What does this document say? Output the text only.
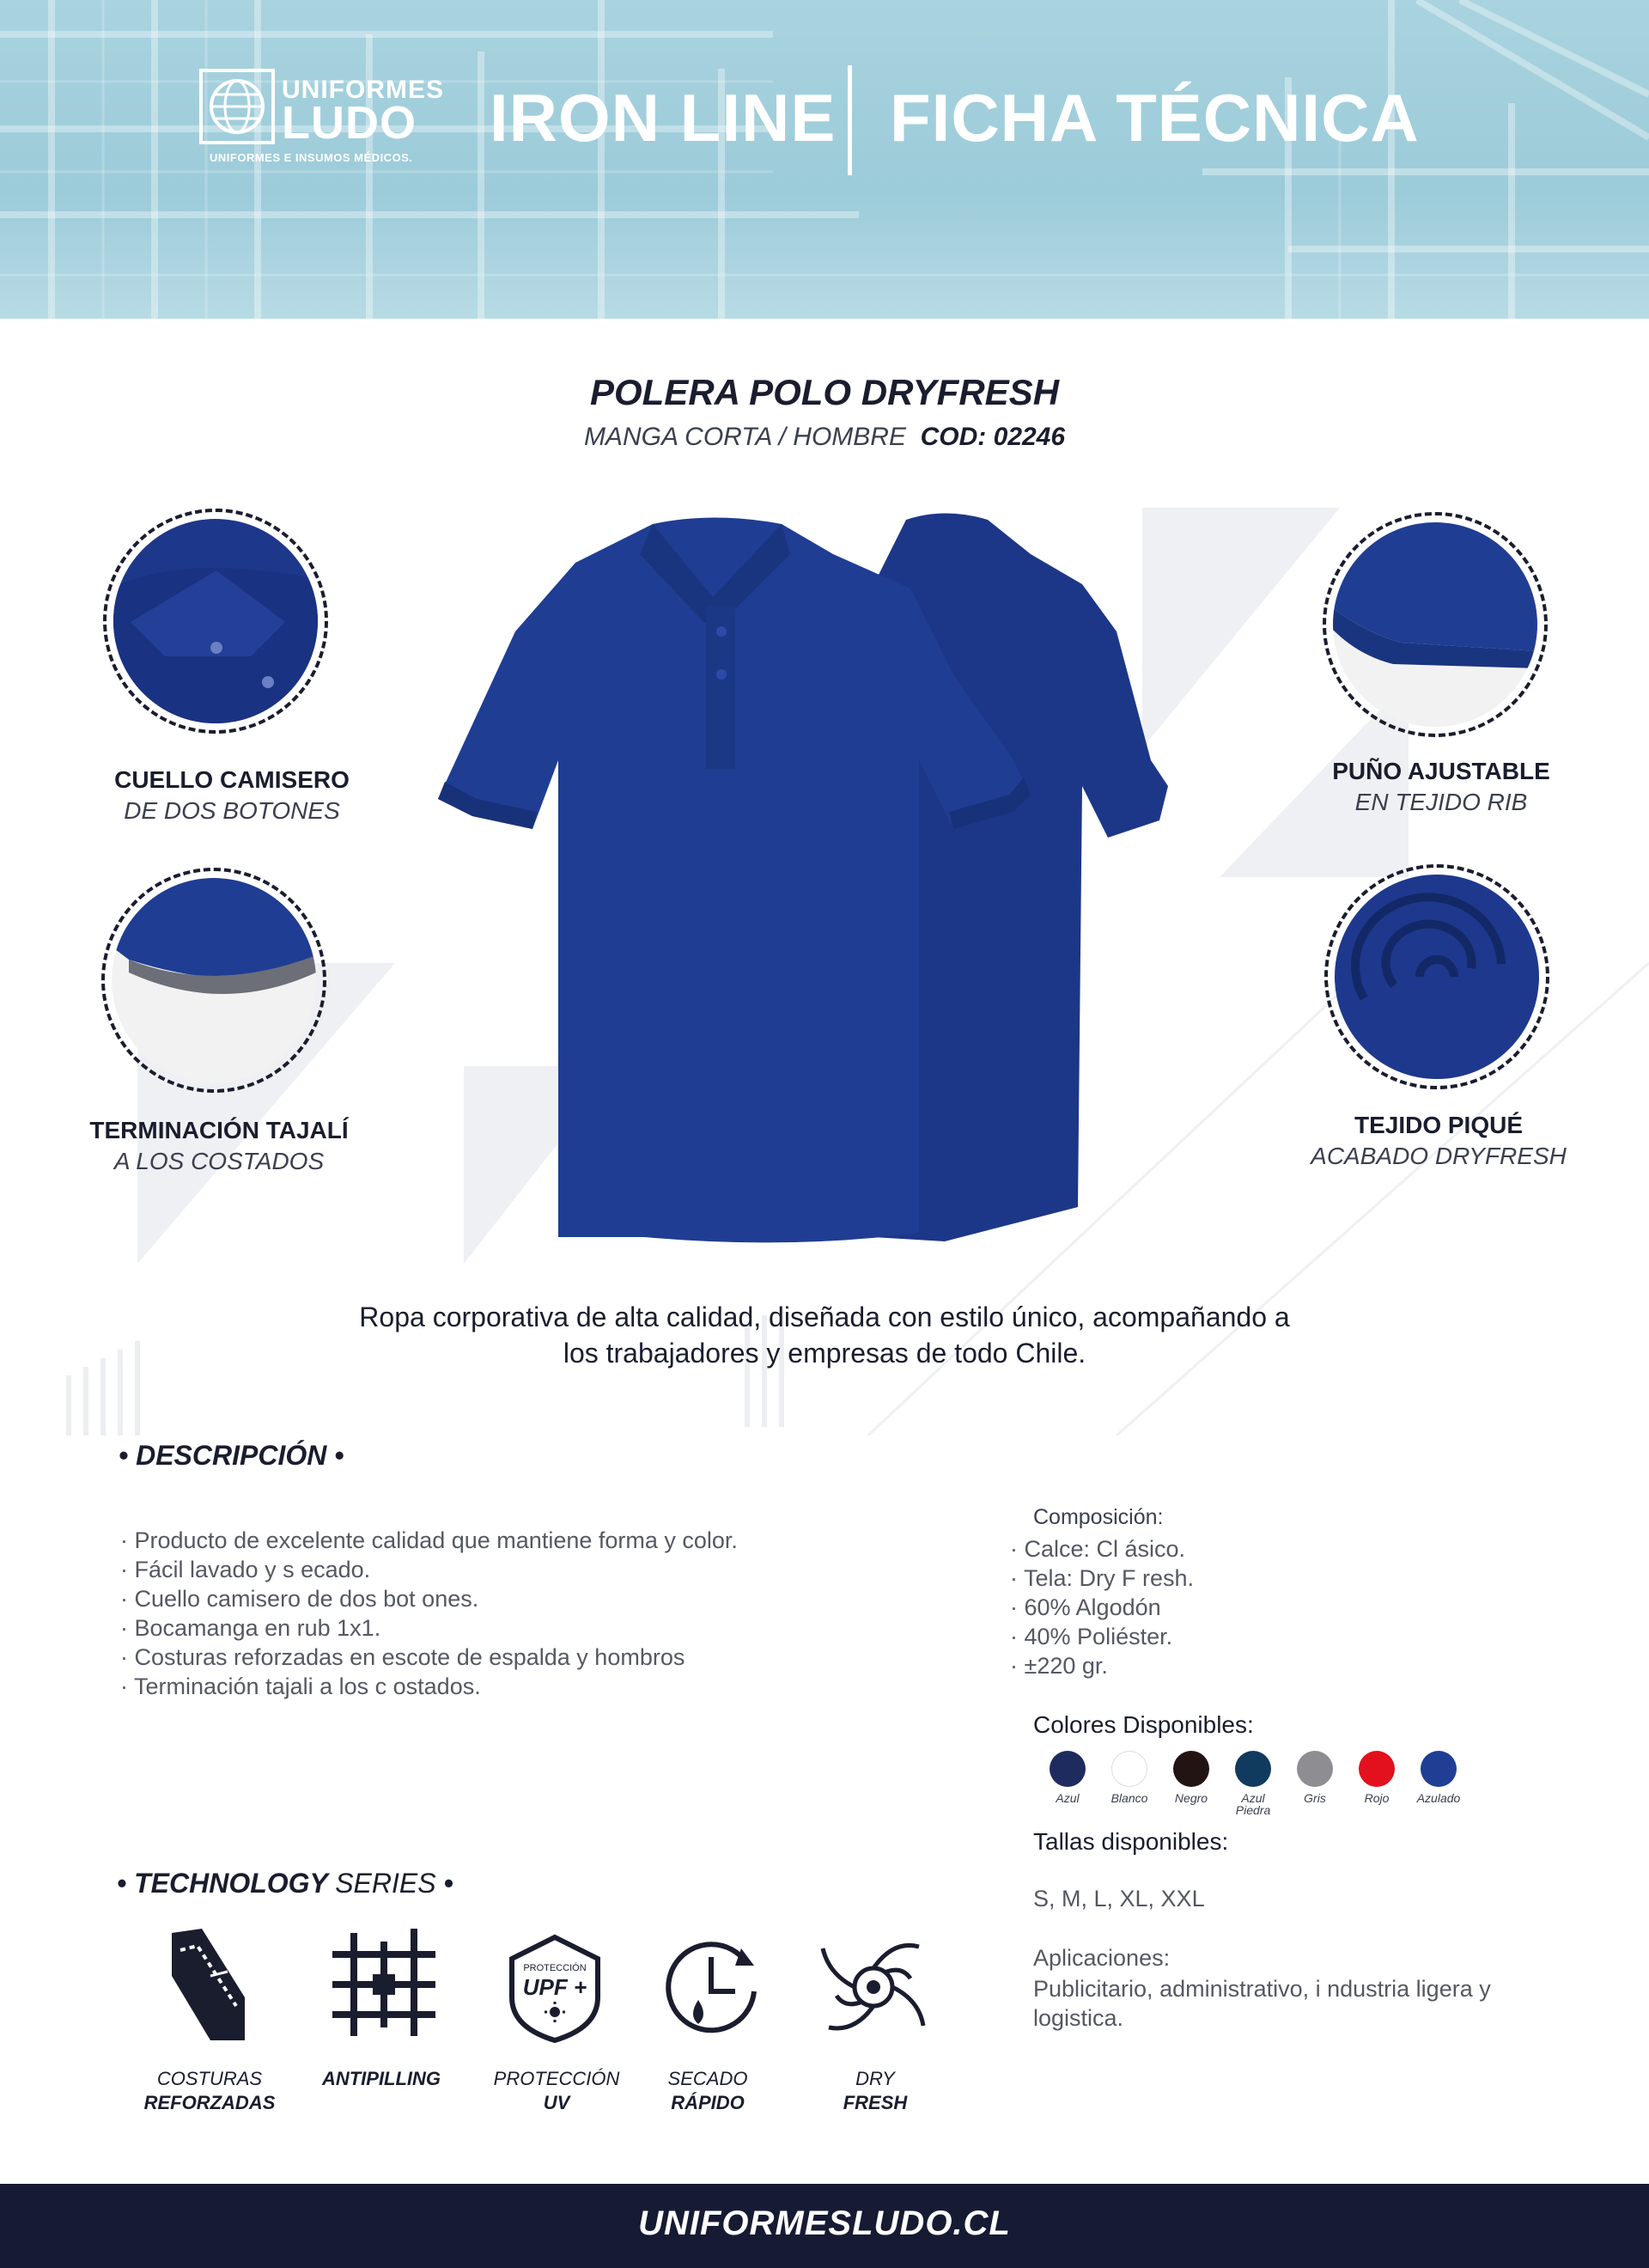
UNIFORMES
LUDO
UNIFORMES E INSUMOS MÉDICOS.
IRON LINE FICHA TÉCNICA
POLERA POLO DRYFRESH
MANGA CORTA / HOMBRE COD: 02246
CUELLO CAMISERO
DE DOS BOTONES
TERMINACIÓN TAJALÍ
A LOS COSTADOS
PUÑO AJUSTABLE
EN TEJIDO RIB
TEJIDO PIQUÉ
ACABADO DRYFRESH
Ropa corporativa de alta calidad, diseñada con estilo único, acompañando a
los trabajadores y empresas de todo Chile.
• DESCRIPCIÓN •
· Producto de excelente calidad que mantiene forma y color.
· Fácil lavado y s ecado.
· Cuello camisero de dos bot ones.
· Bocamanga en rub 1x1.
· Costuras reforzadas en escote de espalda y hombros
· Terminación tajali a los c ostados.
Composición:
· Calce: Cl ásico.
· Tela: Dry F resh.
· 60% Algodón
· 40% Poliéster.
· ±220 gr.
Colores Disponibles:
Azul	Blanco	Negro	Azul Piedra
Gris	Rojo	Azulado
Tallas disponibles:
S, M, L, XL, XXL
Aplicaciones:
Publicitario, administrativo, i ndustria ligera y logistica.
• TECHNOLOGY SERIES •
PROTECCIÓN
UPF +
COSTURAS
REFORZADAS
ANTIPILLING	PROTECCIÓN
UV
SECADO
RÁPIDO
DRY
FRESH
UNIFORMESLUDO.CL
